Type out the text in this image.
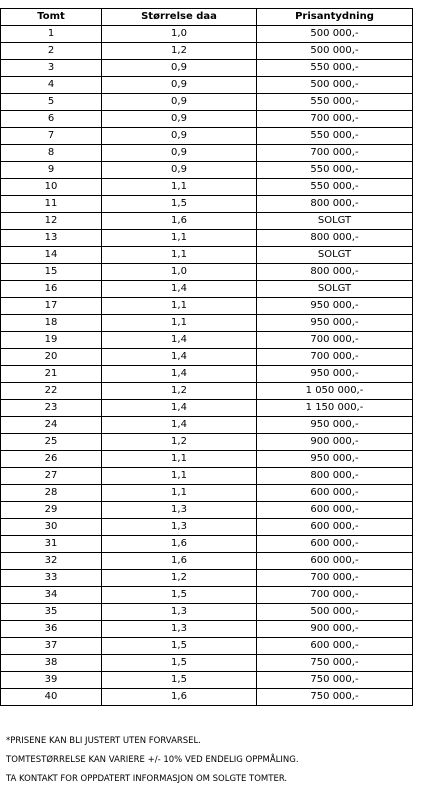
Tomt	Størrelse daa	Prisantydning
1	1,0	500 000,-
2	1,2	500 000,-
3	0,9	550 000,-
4	0,9	500 000,-
5	0,9	550 000,-
6	0,9	700 000,-
7	0,9	550 000,-
8	0,9	700 000,-
9	0,9	550 000,-
10	1,1	550 000,-
11	1,5	800 000,-
12	1,6	SOLGT
13	1,1	800 000,-
14	1,1	SOLGT
15	1,0	800 000,-
16	1,4	SOLGT
17	1,1	950 000,-
18	1,1	950 000,-
19	1,4	700 000,-
20	1,4	700 000,-
21	1,4	950 000,-
22	1,2	1 050 000,-
23	1,4	1 150 000,-
24	1,4	950 000,-
25	1,2	900 000,-
26	1,1	950 000,-
27	1,1	800 000,-
28	1,1	600 000,-
29	1,3	600 000,-
30	1,3	600 000,-
31	1,6	600 000,-
32	1,6	600 000,-
33	1,2	700 000,-
34	1,5	700 000,-
35	1,3	500 000,-
36	1,3	900 000,-
37	1,5	600 000,-
38	1,5	750 000,-
39	1,5	750 000,-
40	1,6	750 000,-
*PRISENE KAN BLI JUSTERT UTEN FORVARSEL.
TOMTESTØRRELSE KAN VARIERE +/- 10% VED ENDELIG OPPMÅLING.
TA KONTAKT FOR OPPDATERT INFORMASJON OM SOLGTE TOMTER.
